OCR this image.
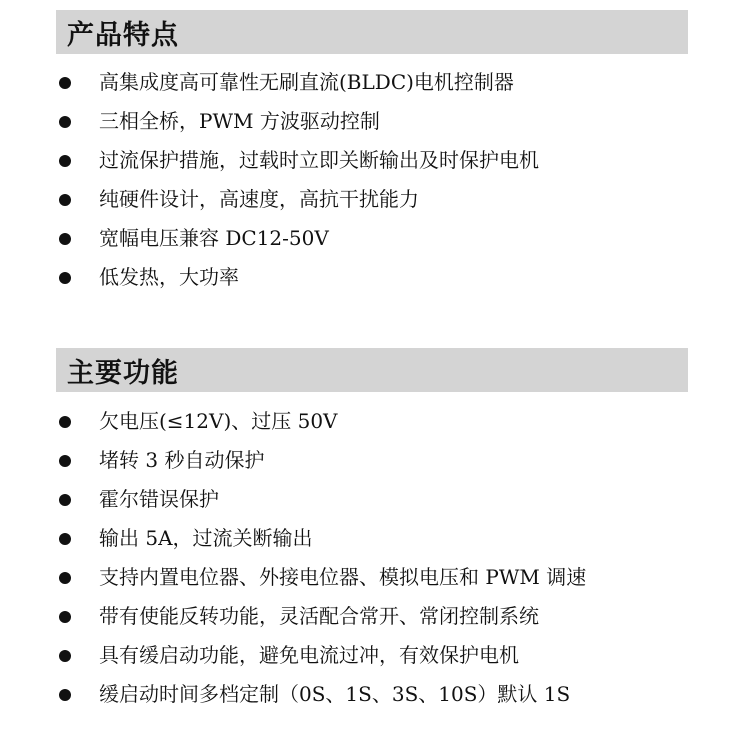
产品特点
高集成度高可靠性无刷直流(BLDC)电机控制器
三相全桥，PWM 方波驱动控制
过流保护措施，过载时立即关断输出及时保护电机
纯硬件设计，高速度，高抗干扰能力
宽幅电压兼容 DC12-50V
低发热，大功率
主要功能
欠电压(≤12V)、过压 50V
堵转 3 秒自动保护
霍尔错误保护
输出 5A，过流关断输出
支持内置电位器、外接电位器、模拟电压和 PWM 调速
带有使能反转功能，灵活配合常开、常闭控制系统
具有缓启动功能，避免电流过冲，有效保护电机
缓启动时间多档定制（0S、1S、3S、10S）默认 1S
